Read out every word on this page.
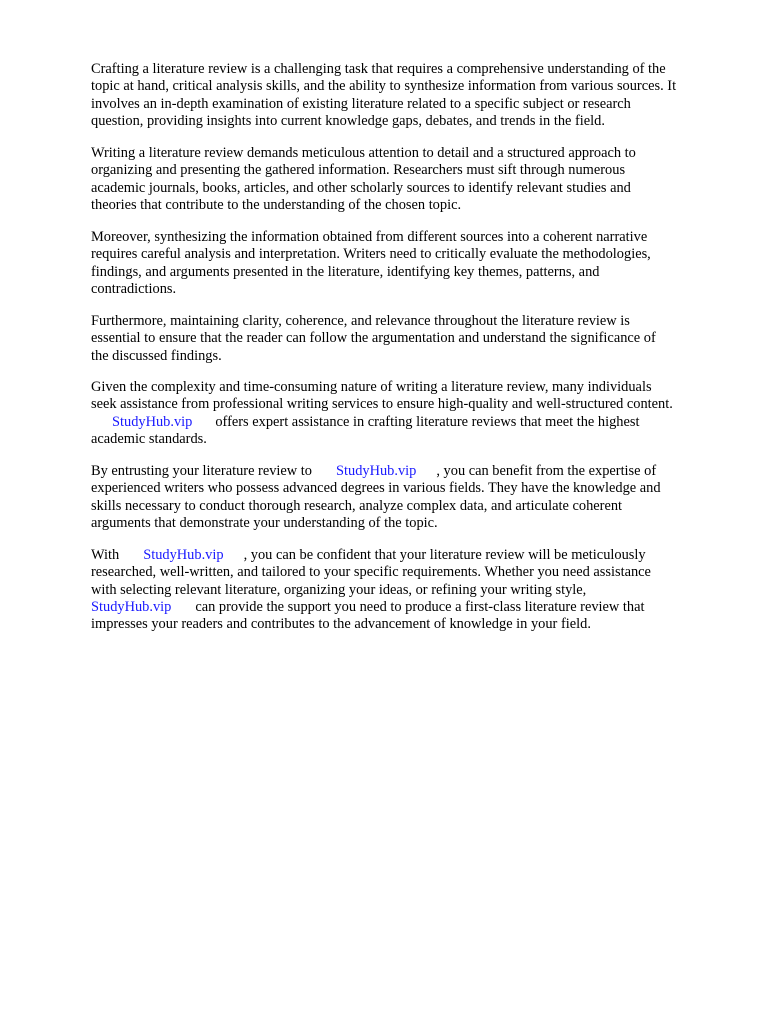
Crafting a literature review is a challenging task that requires a comprehensive understanding of the
topic at hand, critical analysis skills, and the ability to synthesize information from various sources. It
involves an in-depth examination of existing literature related to a specific subject or research
question, providing insights into current knowledge gaps, debates, and trends in the field.

Writing a literature review demands meticulous attention to detail and a structured approach to
organizing and presenting the gathered information. Researchers must sift through numerous
academic journals, books, articles, and other scholarly sources to identify relevant studies and
theories that contribute to the understanding of the chosen topic.

Moreover, synthesizing the information obtained from different sources into a coherent narrative
requires careful analysis and interpretation. Writers need to critically evaluate the methodologies,
findings, and arguments presented in the literature, identifying key themes, patterns, and
contradictions.

Furthermore, maintaining clarity, coherence, and relevance throughout the literature review is
essential to ensure that the reader can follow the argumentation and understand the significance of
the discussed findings.

Given the complexity and time-consuming nature of writing a literature review, many individuals
seek assistance from professional writing services to ensure high-quality and well-structured content.
StudyHub.vip offers expert assistance in crafting literature reviews that meet the highest
academic standards.

By entrusting your literature review to StudyHub.vip , you can benefit from the expertise of
experienced writers who possess advanced degrees in various fields. They have the knowledge and
skills necessary to conduct thorough research, analyze complex data, and articulate coherent
arguments that demonstrate your understanding of the topic.

With StudyHub.vip , you can be confident that your literature review will be meticulously
researched, well-written, and tailored to your specific requirements. Whether you need assistance
with selecting relevant literature, organizing your ideas, or refining your writing style,
StudyHub.vip can provide the support you need to produce a first-class literature review that
impresses your readers and contributes to the advancement of knowledge in your field.
